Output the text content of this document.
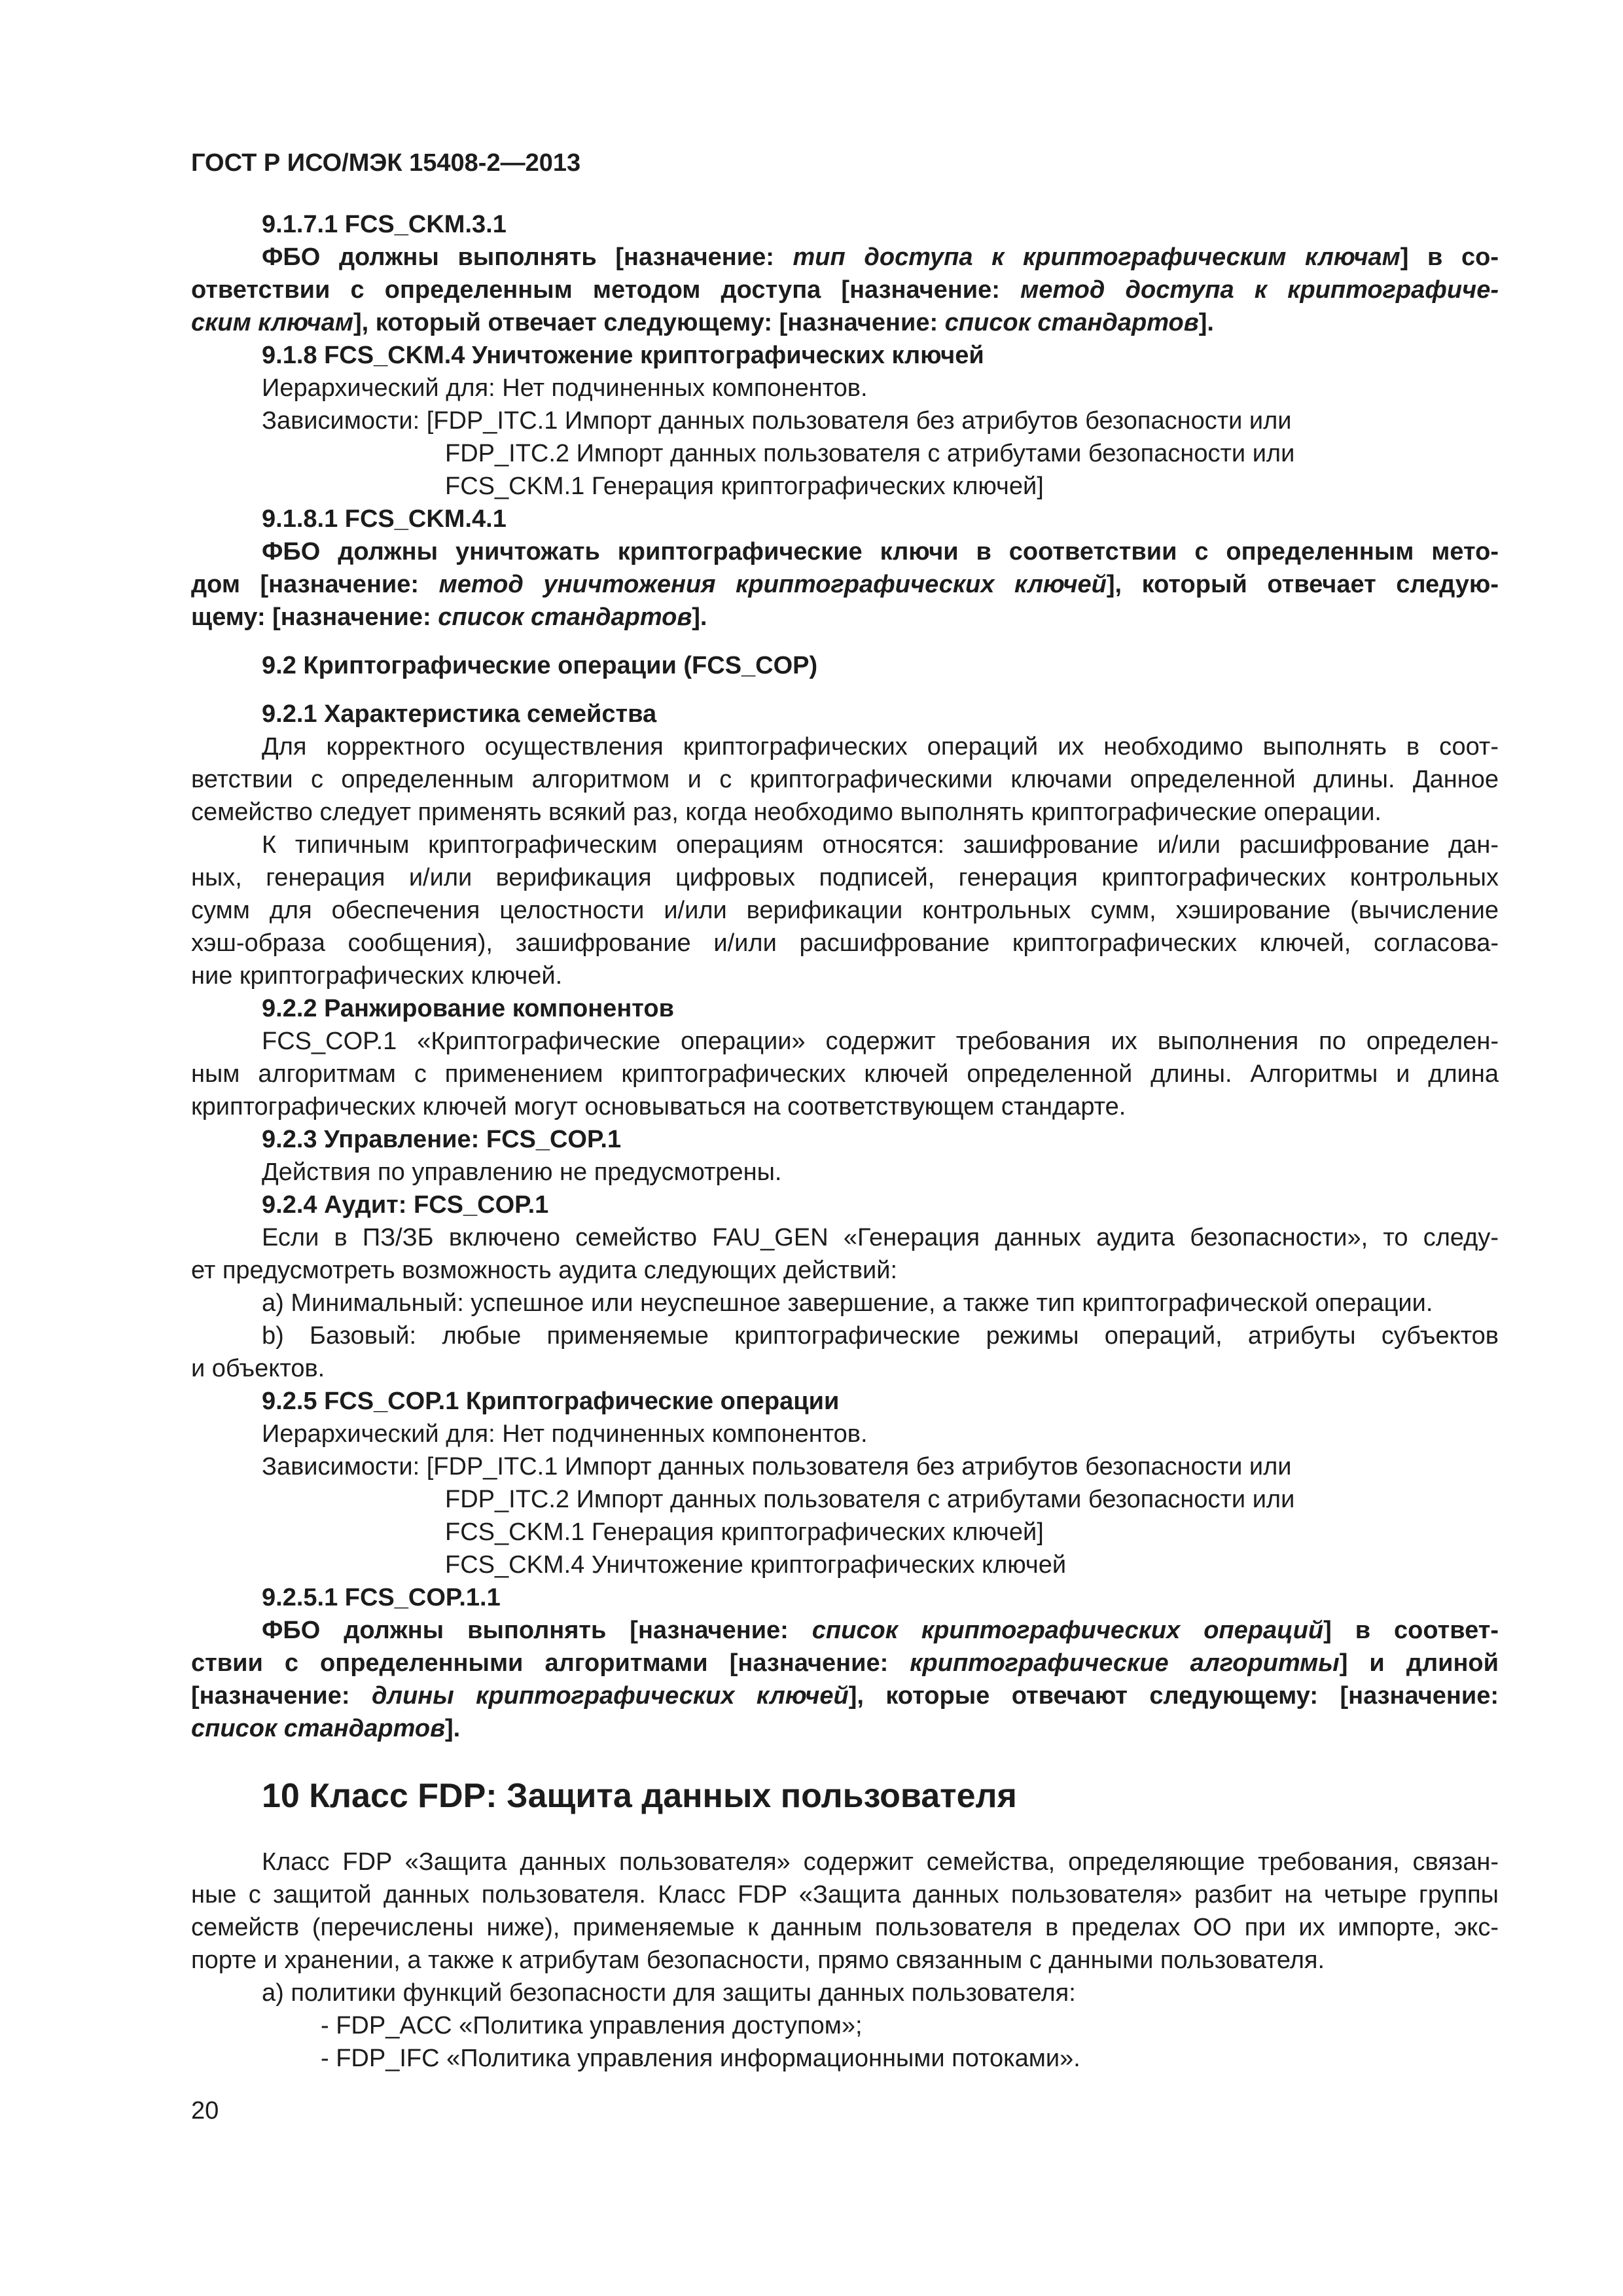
ГОСТ Р ИСО/МЭК 15408-2—2013
9.1.7.1 FCS_CKM.3.1
ФБО должны выполнять [назначение: тип доступа к криптографическим ключам] в со-
ответствии с определенным методом доступа [назначение: метод доступа к криптографиче-
ским ключам], который отвечает следующему: [назначение: список стандартов].
9.1.8 FCS_CKM.4 Уничтожение криптографических ключей
Иерархический для: Нет подчиненных компонентов.
Зависимости: [FDP_ITC.1 Импорт данных пользователя без атрибутов безопасности или
FDP_ITC.2 Импорт данных пользователя с атрибутами безопасности или
FCS_CKM.1 Генерация криптографических ключей]
9.1.8.1 FCS_CKM.4.1
ФБО должны уничтожать криптографические ключи в соответствии с определенным мето-
дом [назначение: метод уничтожения криптографических ключей], который отвечает следую-
щему: [назначение: список стандартов].
9.2 Криптографические операции (FCS_COP)
9.2.1 Характеристика семейства
Для корректного осуществления криптографических операций их необходимо выполнять в соот-
ветствии с определенным алгоритмом и с криптографическими ключами определенной длины. Данное
семейство следует применять всякий раз, когда необходимо выполнять криптографические операции.
К типичным криптографическим операциям относятся: зашифрование и/или расшифрование дан-
ных, генерация и/или верификация цифровых подписей, генерация криптографических контрольных
сумм для обеспечения целостности и/или верификации контрольных сумм, хэширование (вычисление
хэш-образа сообщения), зашифрование и/или расшифрование криптографических ключей, согласова-
ние криптографических ключей.
9.2.2 Ранжирование компонентов
FCS_COP.1 «Криптографические операции» содержит требования их выполнения по определен-
ным алгоритмам с применением криптографических ключей определенной длины. Алгоритмы и длина
криптографических ключей могут основываться на соответствующем стандарте.
9.2.3 Управление: FCS_COP.1
Действия по управлению не предусмотрены.
9.2.4 Аудит: FCS_COP.1
Если в ПЗ/ЗБ включено семейство FAU_GEN «Генерация данных аудита безопасности», то следу-
ет предусмотреть возможность аудита следующих действий:
a) Минимальный: успешное или неуспешное завершение, а также тип криптографической операции.
b) Базовый: любые применяемые криптографические режимы операций, атрибуты субъектов
и объектов.
9.2.5 FCS_COP.1 Криптографические операции
Иерархический для: Нет подчиненных компонентов.
Зависимости: [FDP_ITC.1 Импорт данных пользователя без атрибутов безопасности или
FDP_ITC.2 Импорт данных пользователя с атрибутами безопасности или
FCS_CKM.1 Генерация криптографических ключей]
FCS_CKM.4 Уничтожение криптографических ключей
9.2.5.1 FCS_COP.1.1
ФБО должны выполнять [назначение: список криптографических операций] в соответ-
ствии с определенными алгоритмами [назначение: криптографические алгоритмы] и длиной
[назначение: длины криптографических ключей], которые отвечают следующему: [назначение:
список стандартов].
10 Класс FDP: Защита данных пользователя
Класс FDP «Защита данных пользователя» содержит семейства, определяющие требования, связан-
ные с защитой данных пользователя. Класс FDP «Защита данных пользователя» разбит на четыре группы
семейств (перечислены ниже), применяемые к данным пользователя в пределах ОО при их импорте, экс-
порте и хранении, а также к атрибутам безопасности, прямо связанным с данными пользователя.
a) политики функций безопасности для защиты данных пользователя:
- FDP_ACC «Политика управления доступом»;
- FDP_IFC «Политика управления информационными потоками».
20
